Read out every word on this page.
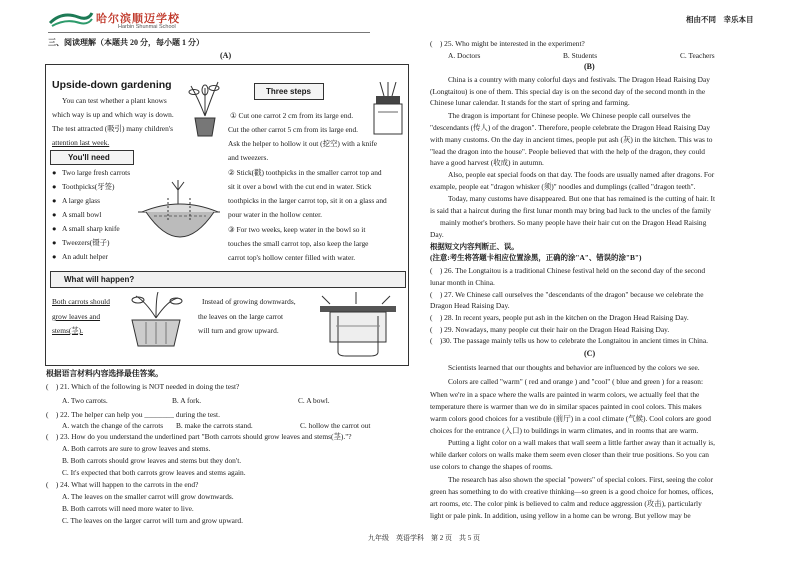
哈尔滨顺迈学校
Harbin Shunmai School
相由不同　幸乐本目
三、阅读理解（本题共 20 分，每小题 1 分）
(A)
Upside-down gardening
You can test whether a plant knows
which way is up and which way is down.
The test attracted (吸引) many children's
attention last week.
You'll need
●   Two large fresh carrots
●   Toothpicks(牙签)
●   A large glass
●   A small bowl
●   A small sharp knife
●   Tweezers(镊子)
●   An adult helper
Three steps
① Cut one carrot 2 cm from its large end.
Cut the other carrot 5 cm from its large end.
Ask the helper to hollow it out (挖空) with a knife
and tweezers.
② Stick(戳) toothpicks in the smaller carrot top and
sit it over a bowl with the cut end in water. Stick
toothpicks in the larger carrot top, sit it on a glass and
pour water in the hollow center.
③ For two weeks, keep water in the bowl so it
touches the small carrot top, also keep the large
carrot top's hollow center filled with water.
What will happen?
Both carrots should
grow leaves and
stems(茎).
Instead of growing downwards,
the leaves on the large carrot
will turn and grow upward.
根据语言材料内容选择最佳答案。
(　) 21. Which of the following is NOT needed in doing the test?
A. Two carrots.	B. A fork.	C. A bowl.
(　) 22. The helper can help you ________ during the test.
A. watch the change of the carrots B. make the carrots stand.	C. hollow the carrot out
(　) 23. How do you understand the underlined part "Both carrots should grow leaves and stems(茎)."?
A. Both carrots are sure to grow leaves and stems.
B. Both carrots should grow leaves and stems but they don't.
C. It's expected that both carrots grow leaves and stems again.
(　) 24. What will happen to the carrots in the end?
A. The leaves on the smaller carrot will grow downwards.
B. Both carrots will need more water to live.
C. The leaves on the larger carrot will turn and grow upward.
(　) 25. Who might be interested in the experiment?
A. Doctors	B. Students	C. Teachers
(B)
China is a country with many colorful days and festivals. The Dragon Head Raising Day
(Longtaitou) is one of them. This special day is on the second day of the second month in the
Chinese lunar calendar. It stands for the start of spring and farming.
The dragon is important for Chinese people. We Chinese people call ourselves the
"descendants (传人) of the dragon". Therefore, people celebrate the Dragon Head Raising Day
with many customs. On the day in ancient times, people put ash (灰) in the kitchen. This was to
"lead the dragon into the house". People believed that with the help of the dragon, they could
have a good harvest (收成) in autumn.
Also, people eat special foods on that day. The foods are usually named after dragons. For
example, people eat "dragon whisker (须)" noodles and dumplings (called "dragon teeth".
Today, many customs have disappeared. But one that has remained is the cutting of hair. It
is said that a haircut during the first lunar month may bring bad luck to the uncles of the family
mainly mother's brothers. So many people have their hair cut on the Dragon Head Raising
Day.
根据短文内容判断正、误。
(注意:考生将答题卡相应位置涂黑，正确的涂"A"、错误的涂"B")
(　) 26. The Longtaitou is a traditional Chinese festival held on the second day of the second
lunar month in China.
(　) 27. We Chinese call ourselves the "descendants of the dragon" because we celebrate the
Dragon Head Raising Day.
(　) 28. In recent years, people put ash in the kitchen on the Dragon Head Raising Day.
(　) 29. Nowadays, many people cut their hair on the Dragon Head Raising Day.
(　)30. The passage mainly tells us how to celebrate the Longtaitou in ancient times in China.
(C)
Scientists learned that our thoughts and behavior are influenced by the colors we see.
Colors are called "warm" ( red and orange ) and "cool" ( blue and green ) for a reason:
When we're in a space where the walls are painted in warm colors, we actually feel that the
temperature there is warmer than we do in similar spaces painted in cool colors. This makes
warm colors good choices for a vestibule (前厅) in a cool climate (气候). Cool colors are good
choices for the entrance (入口) to buildings in warm climates, and in rooms that are warm.
Putting a light color on a wall makes that wall seem a little farther away than it actually is,
while darker colors on walls make them seem even closer than their true positions. So you can
use colors to change the shapes of rooms.
The research has also shown the special "powers" of special colors. First, seeing the color
green has something to do with creative thinking—so green is a good choice for homes, offices,
art rooms, etc. The color pink is believed to calm and reduce aggression (攻击), particularly
light or pale pink. In addition, using yellow in a home can be wrong. But yellow may be
九年级　英语学科　第 2 页　共 5 页
